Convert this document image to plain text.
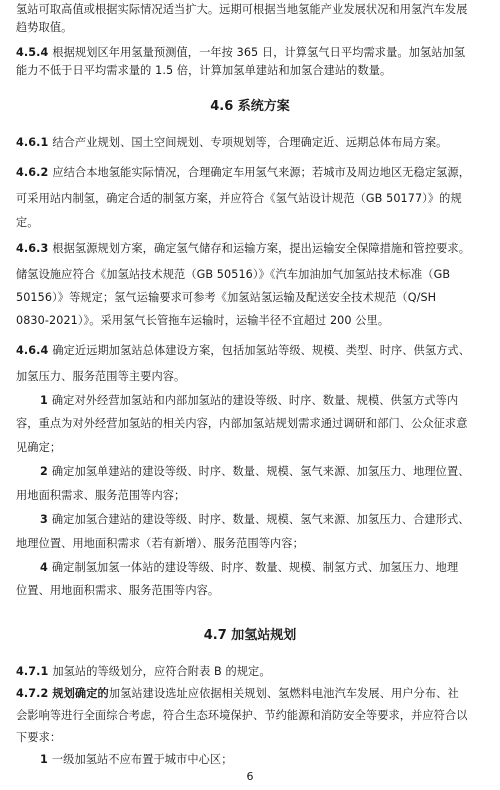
氢站可取高值或根据实际情况适当扩大。远期可根据当地氢能产业发展状况和用氢汽车发展
趋势取值。
4.5.4 根据规划区年用氢量预测值，一年按 365 日，计算氢气日平均需求量。加氢站加氢
能力不低于日平均需求量的 1.5 倍，计算加氢单建站和加氢合建站的数量。
4.6 系统方案
4.6.1 结合产业规划、国土空间规划、专项规划等，合理确定近、远期总体布局方案。
4.6.2 应结合本地氢能实际情况，合理确定车用氢气来源；若城市及周边地区无稳定氢源，
可采用站内制氢，确定合适的制氢方案，并应符合《氢气站设计规范（GB 50177）》的规
定。
4.6.3 根据氢源规划方案，确定氢气储存和运输方案，提出运输安全保障措施和管控要求。
储氢设施应符合《加氢站技术规范（GB 50516）》《汽车加油加气加氢站技术标准（GB
50156）》等规定；氢气运输要求可参考《加氢站氢运输及配送安全技术规范（Q/SH
0830-2021）》。采用氢气长管拖车运输时，运输半径不宜超过 200 公里。
4.6.4 确定近远期加氢站总体建设方案，包括加氢站等级、规模、类型、时序、供氢方式、
加氢压力、服务范围等主要内容。
1 确定对外经营加氢站和内部加氢站的建设等级、时序、数量、规模、供氢方式等内
容，重点为对外经营加氢站的相关内容，内部加氢站规划需求通过调研和部门、公众征求意
见确定；
2 确定加氢单建站的建设等级、时序、数量、规模、氢气来源、加氢压力、地理位置、
用地面积需求、服务范围等内容；
3 确定加氢合建站的建设等级、时序、数量、规模、氢气来源、加氢压力、合建形式、
地理位置、用地面积需求（若有新增）、服务范围等内容；
4 确定制氢加氢一体站的建设等级、时序、数量、规模、制氢方式、加氢压力、地理
位置、用地面积需求、服务范围等内容。
4.7 加氢站规划
4.7.1 加氢站的等级划分，应符合附表 B 的规定。
4.7.2 规划确定的加氢站建设选址应依据相关规划、氢燃料电池汽车发展、用户分布、社
会影响等进行全面综合考虑，符合生态环境保护、节约能源和消防安全等要求，并应符合以
下要求：
1 一级加氢站不应布置于城市中心区；
6
